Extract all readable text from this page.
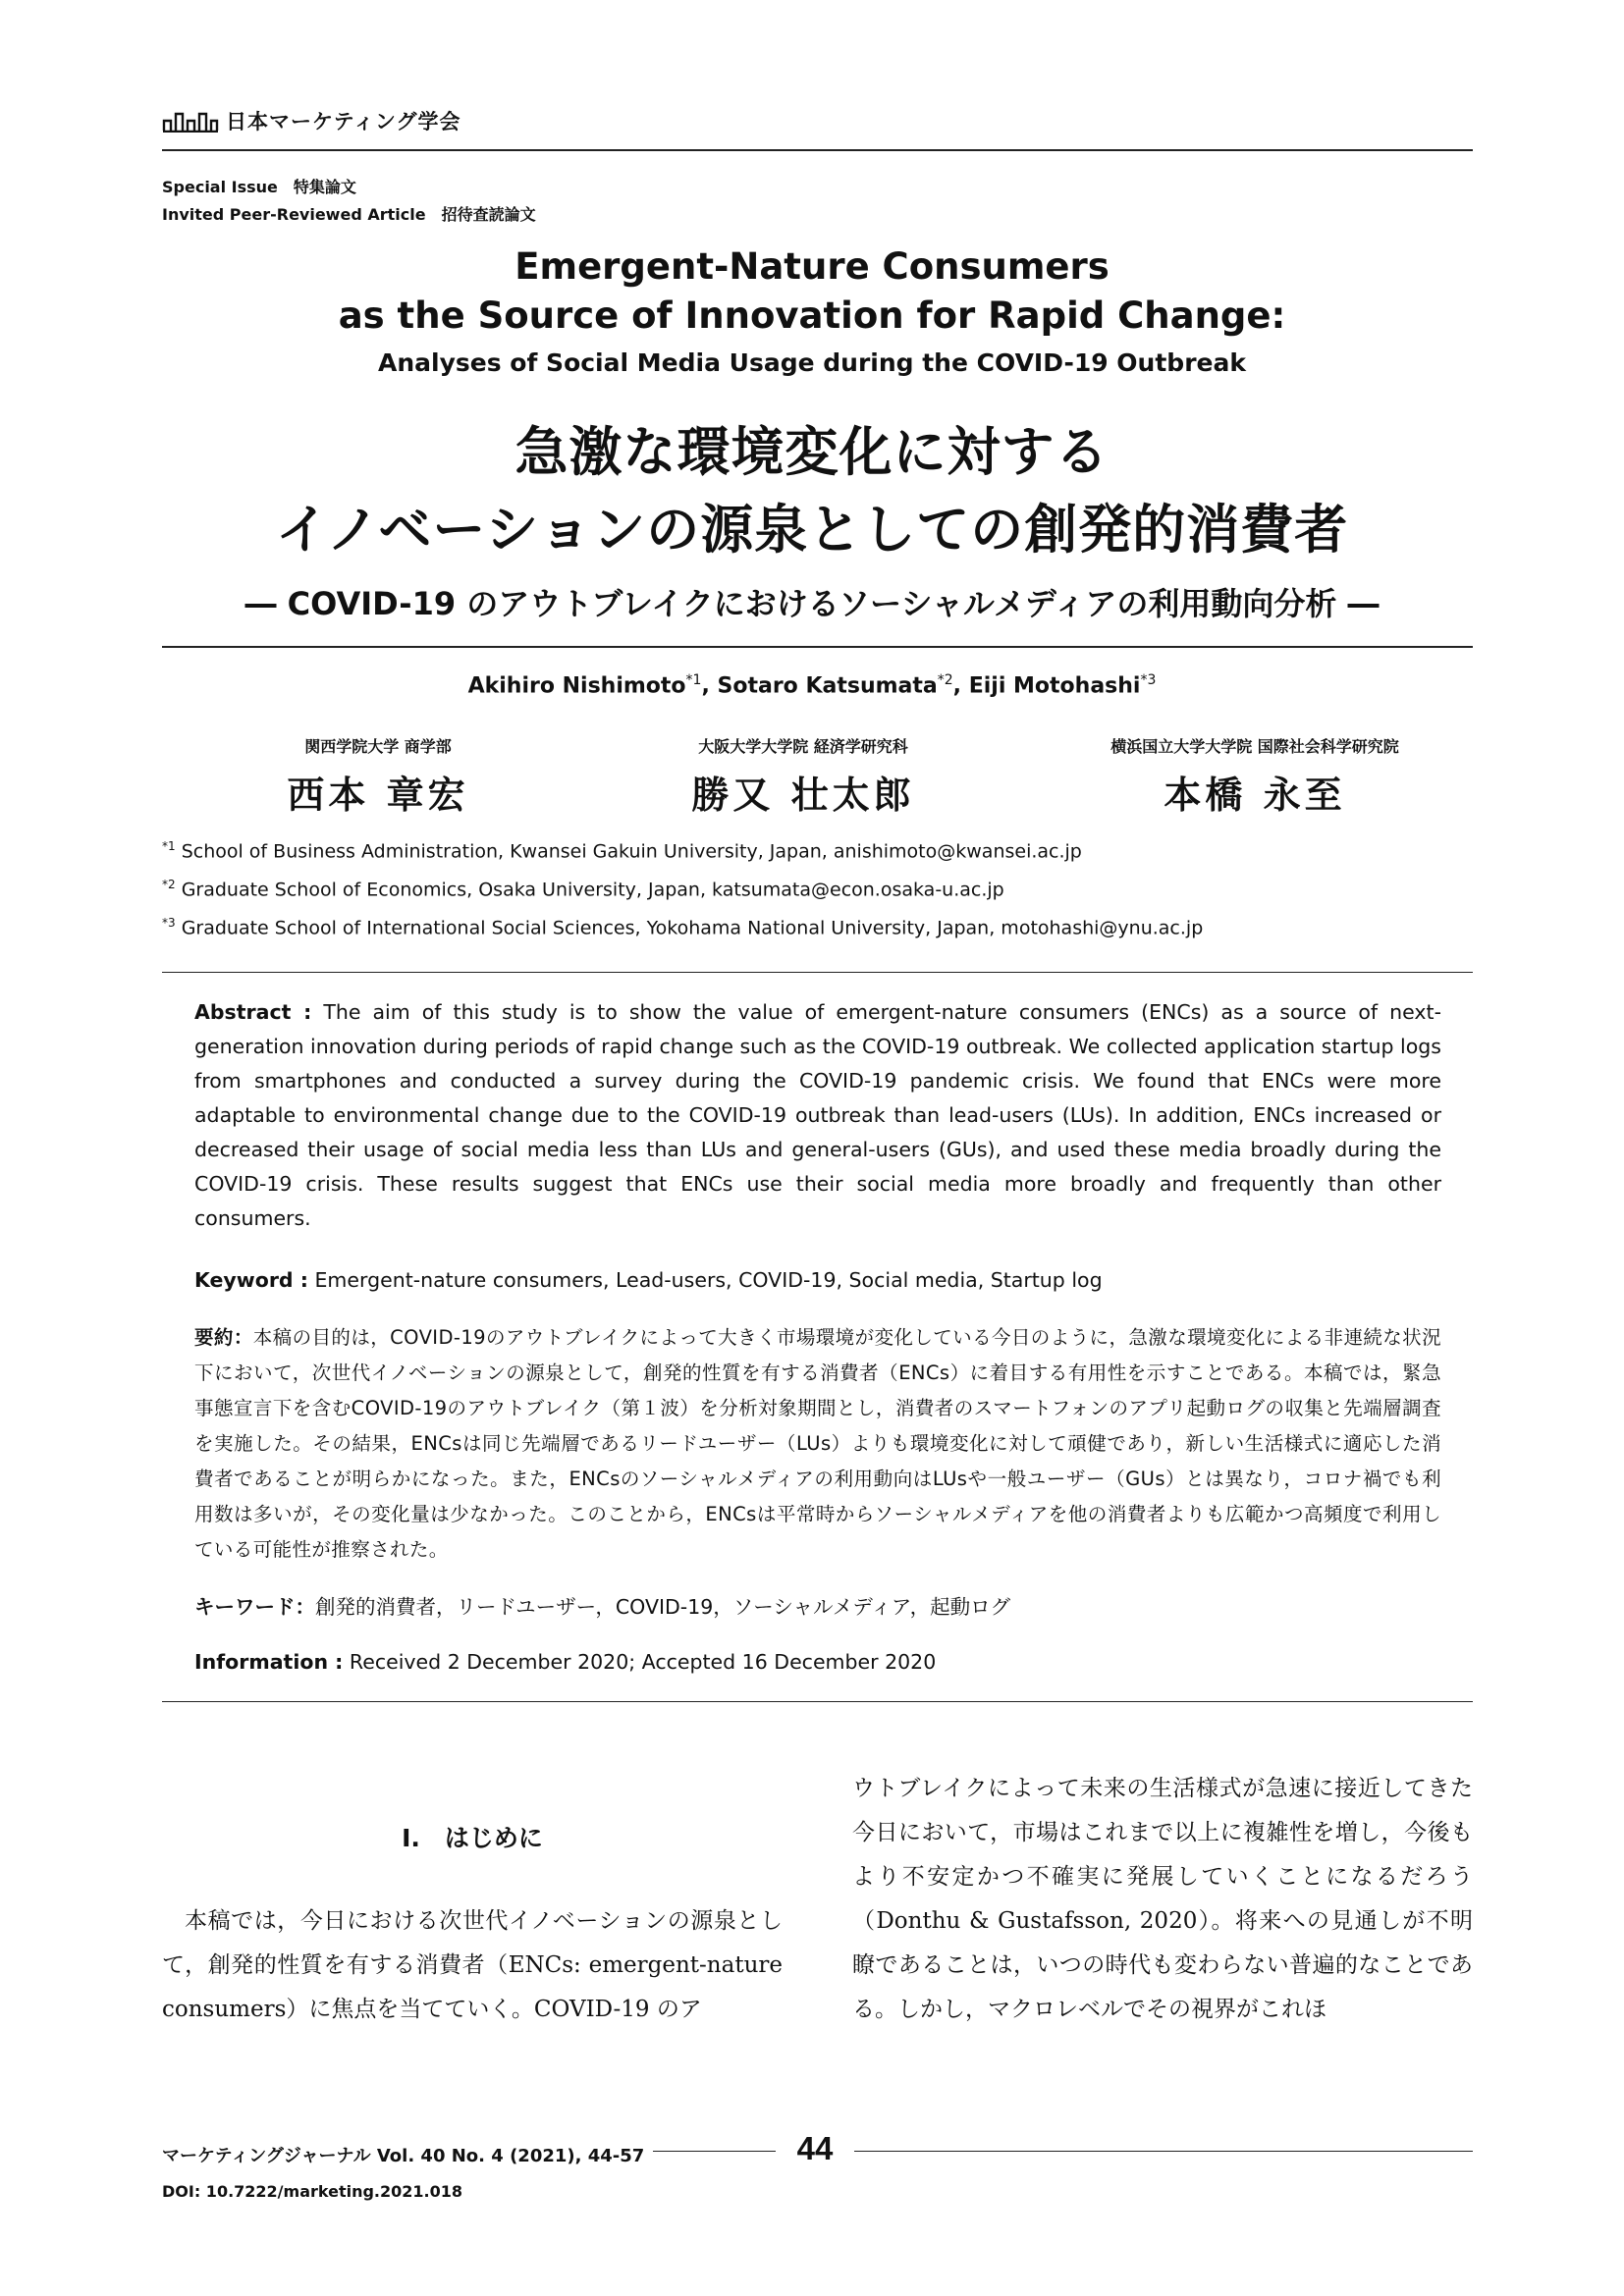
日本マーケティング学会
Special Issue　特集論文
Invited Peer-Reviewed Article　招待査読論文
Emergent-Nature Consumers
as the Source of Innovation for Rapid Change:
Analyses of Social Media Usage during the COVID-19 Outbreak
急激な環境変化に対する
イノベーションの源泉としての創発的消費者
― COVID-19 のアウトブレイクにおけるソーシャルメディアの利用動向分析 ―
Akihiro Nishimoto$^{*1}$, Sotaro Katsumata$^{*2}$, Eiji Motohashi$^{*3}$
関西学院大学 商学部
西本 章宏
大阪大学大学院 経済学研究科
勝又 壮太郎
横浜国立大学大学院 国際社会科学研究院
本橋 永至
$^{*1}$ School of Business Administration, Kwansei Gakuin University, Japan, anishimoto@kwansei.ac.jp
$^{*2}$ Graduate School of Economics, Osaka University, Japan, katsumata@econ.osaka-u.ac.jp
$^{*3}$ Graduate School of International Social Sciences, Yokohama National University, Japan, motohashi@ynu.ac.jp
Abstract : The aim of this study is to show the value of emergent-nature consumers (ENCs) as a source of next-generation innovation during periods of rapid change such as the COVID-19 outbreak. We collected application startup logs from smartphones and conducted a survey during the COVID-19 pandemic crisis. We found that ENCs were more adaptable to environmental change due to the COVID-19 outbreak than lead-users (LUs). In addition, ENCs increased or decreased their usage of social media less than LUs and general-users (GUs), and used these media broadly during the COVID-19 crisis. These results suggest that ENCs use their social media more broadly and frequently than other consumers.
Keyword : Emergent-nature consumers, Lead-users, COVID-19, Social media, Startup log
要約：本稿の目的は，COVID-19のアウトブレイクによって大きく市場環境が変化している今日のように，急激な環境変化による非連続な状況下において，次世代イノベーションの源泉として，創発的性質を有する消費者（ENCs）に着目する有用性を示すことである。本稿では，緊急事態宣言下を含むCOVID-19のアウトブレイク（第１波）を分析対象期間とし，消費者のスマートフォンのアプリ起動ログの収集と先端層調査を実施した。その結果，ENCsは同じ先端層であるリードユーザー（LUs）よりも環境変化に対して頑健であり，新しい生活様式に適応した消費者であることが明らかになった。また，ENCsのソーシャルメディアの利用動向はLUsや一般ユーザー（GUs）とは異なり，コロナ禍でも利用数は多いが，その変化量は少なかった。このことから，ENCsは平常時からソーシャルメディアを他の消費者よりも広範かつ高頻度で利用している可能性が推察された。
キーワード：創発的消費者，リードユーザー，COVID-19，ソーシャルメディア，起動ログ
Information : Received 2 December 2020; Accepted 16 December 2020
I.　はじめに
本稿では，今日における次世代イノベーションの源泉として，創発的性質を有する消費者（ENCs: emergent-nature consumers）に焦点を当てていく。COVID-19 のア
ウトブレイクによって未来の生活様式が急速に接近してきた今日において，市場はこれまで以上に複雑性を増し，今後もより不安定かつ不確実に発展していくことになるだろう（Donthu & Gustafsson, 2020）。将来への見通しが不明瞭であることは，いつの時代も変わらない普遍的なことである。しかし，マクロレベルでその視界がこれほ
マーケティングジャーナル Vol. 40 No. 4 (2021), 44-57	44
DOI: 10.7222/marketing.2021.018
